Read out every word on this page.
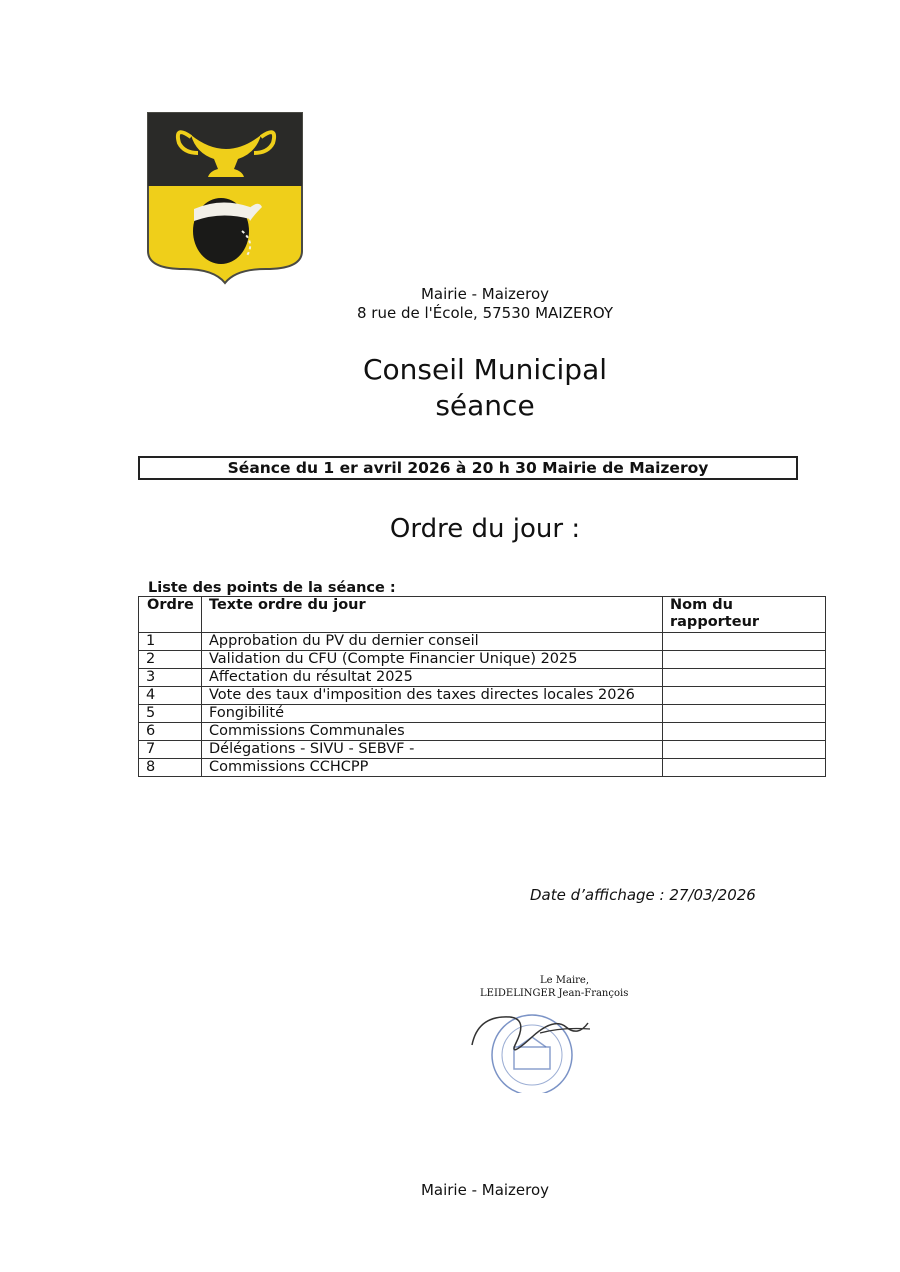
Mairie - Maizeroy
8 rue de l'École, 57530 MAIZEROY
Conseil Municipal
séance
Séance du 1 er avril 2026 à 20 h 30 Mairie de Maizeroy
Ordre du jour :
Liste des points de la séance :
Ordre	Texte ordre du jour	Nom du
rapporteur

1	Approbation du PV du dernier conseil	
2	Validation du CFU (Compte Financier Unique) 2025	
3	Affectation du résultat 2025	
4	Vote des taux d'imposition des taxes directes locales 2026	
5	Fongibilité	
6	Commissions Communales	
7	Délégations - SIVU - SEBVF -	
8	Commissions CCHCPP	
Date d’affichage : 27/03/2026
Le Maire,
LEIDELINGER Jean-François
Mairie - Maizeroy
